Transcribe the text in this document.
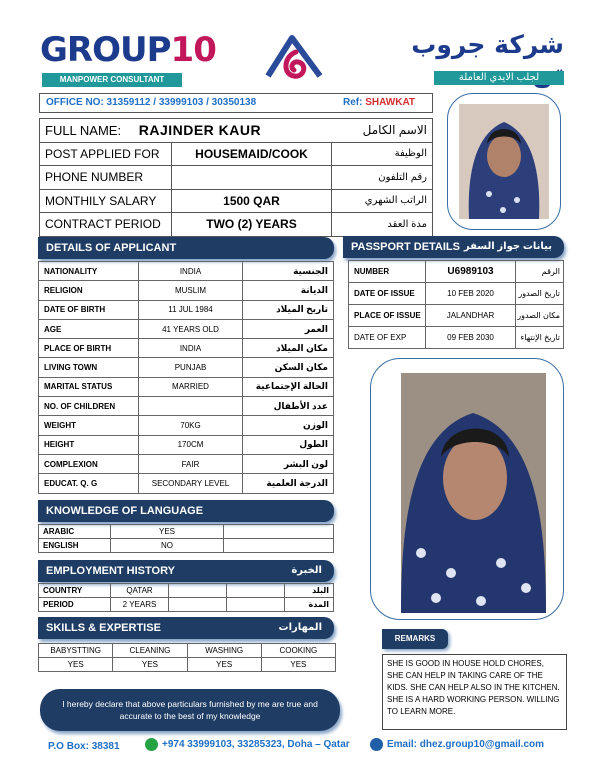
GROUP10
MANPOWER CONSULTANT
شركة جروب
لجلب الايدي العاملة
OFFICE NO: 31359112 / 33999103 / 30350138	Ref: SHAWKAT
FULL NAME: RAJINDER KAUR		الاسم الكامل
POST APPLIED FOR	HOUSEMAID/COOK	الوظيفة
PHONE NUMBER		رقم التلفون
MONTHILY SALARY	1500 QAR	الراتب الشهري
CONTRACT PERIOD	TWO (2) YEARS	مدة العقد
DETAILS OF APPLICANT
NATIONALITY	INDIA	الجنسية
RELIGION	MUSLIM	الديانة
DATE OF BIRTH	11 JUL 1984	تاريخ الميلاد
AGE	41 YEARS OLD	العمر
PLACE OF BIRTH	INDIA	مكان الميلاد
LIVING TOWN	PUNJAB	مكان السكن
MARITAL STATUS	MARRIED	الحالة الإجتماعية
NO. OF CHILDREN		عدد الأطفال
WEIGHT	70KG	الوزن
HEIGHT	170CM	الطول
COMPLEXION	FAIR	لون البشر
EDUCAT. Q. G	SECONDARY LEVEL	الدرجة العلمية
PASSPORT DETAILS بيانات جواز السفر
NUMBER	U6989103	الرقم
DATE OF ISSUE	10 FEB 2020	تاريخ الصدور
PLACE OF ISSUE	JALANDHAR	مكان الصدور
DATE OF EXP	09 FEB 2030	تاريخ الإنتهاء
KNOWLEDGE OF LANGUAGE
ARABIC	YES	
ENGLISH	NO	
EMPLOYMENT HISTORY	الخبرة
COUNTRY	QATAR			البلد
PERIOD	2 YEARS			المدة
SKILLS & EXPERTISE	المهارات
BABYSTTING	CLEANING	WASHING	COOKING
YES	YES	YES	YES
REMARKS
SHE IS GOOD IN HOUSE HOLD CHORES, SHE CAN HELP IN TAKING CARE OF THE KIDS. SHE CAN HELP ALSO IN THE KITCHEN. SHE IS A HARD WORKING PERSON. WILLING TO LEARN MORE.
I hereby declare that above particulars furnished by me are true and accurate to the best of my knowledge
P.O Box: 38381	+974 33999103, 33285323, Doha – Qatar	Email: dhez.group10@gmail.com
